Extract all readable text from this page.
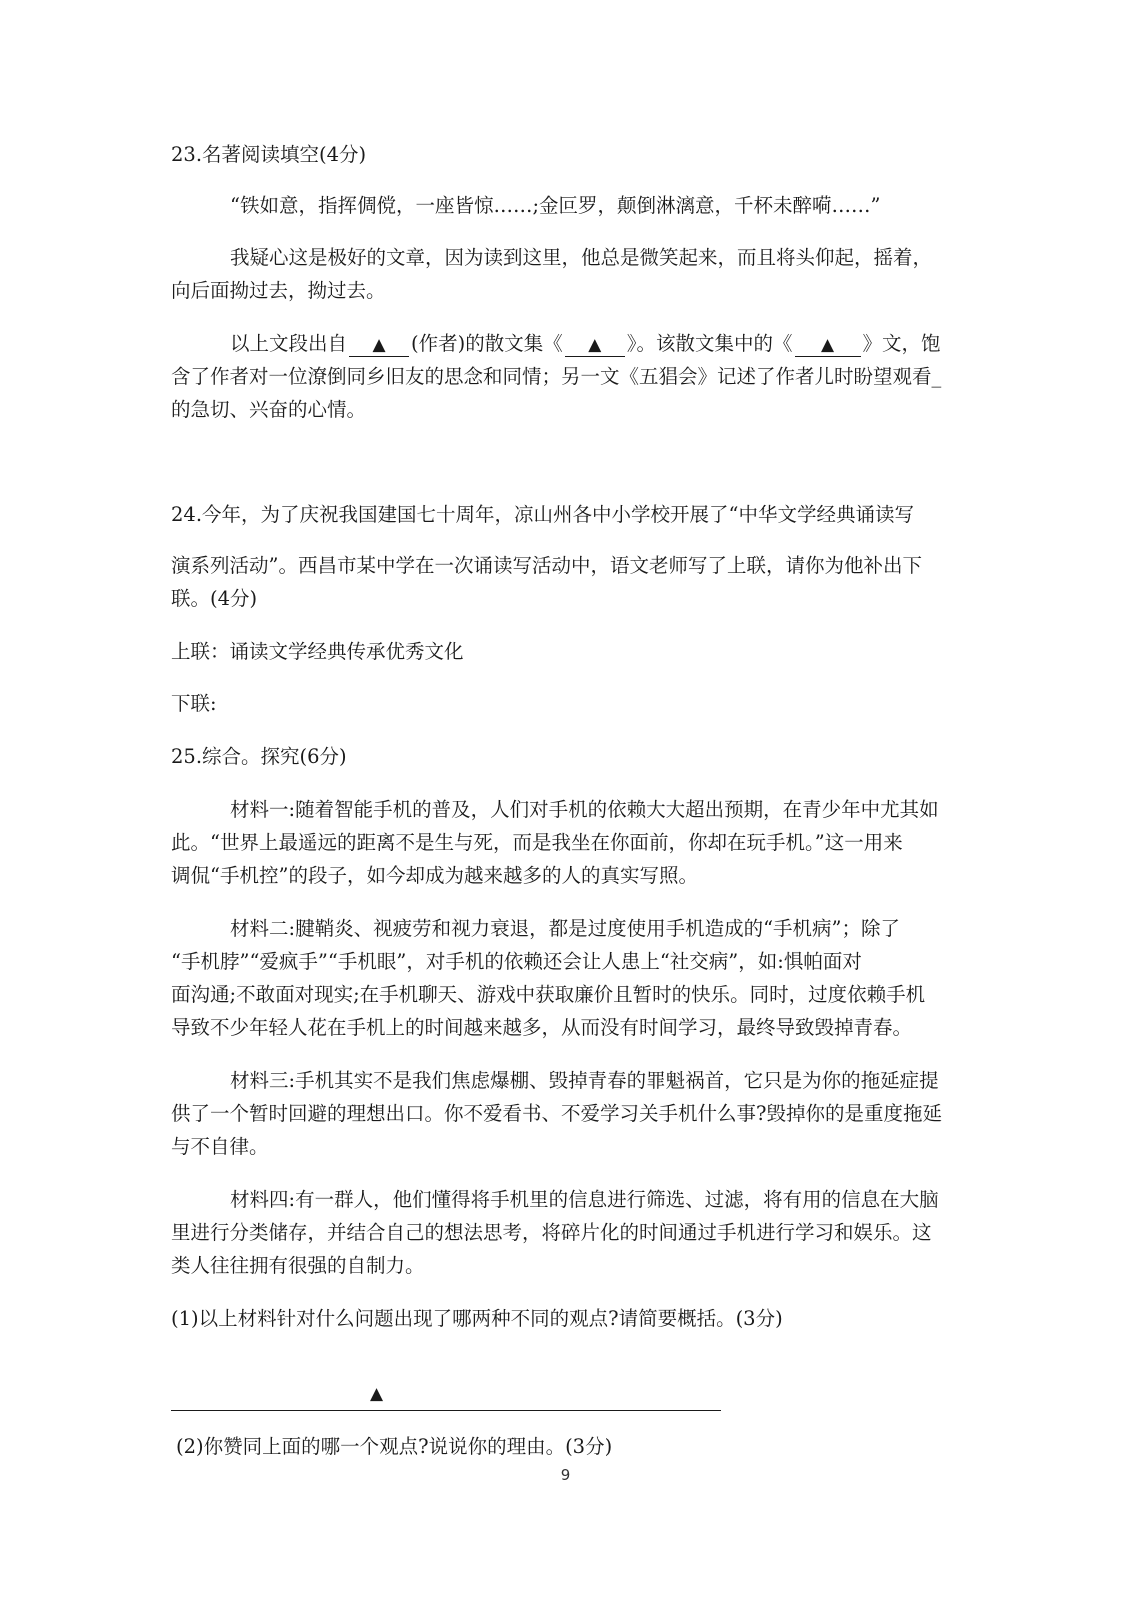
23.名著阅读填空(4分)
“铁如意，指挥倜傥，一座皆惊……;金叵罗，颠倒淋漓意，千杯未醉嗬……”
我疑心这是极好的文章，因为读到这里，他总是微笑起来，而且将头仰起，摇着，
向后面拗过去，拗过去。
以上文段出自 ▲ (作者)的散文集《 ▲ 》。该散文集中的《 ▲ 》文，饱
含了作者对一位潦倒同乡旧友的思念和同情；另一文《五猖会》记述了作者儿时盼望观看_
的急切、兴奋的心情。
24.今年，为了庆祝我国建国七十周年，凉山州各中小学校开展了“中华文学经典诵读写
演系列活动”。西昌市某中学在一次诵读写活动中，语文老师写了上联，请你为他补出下
联。(4分)
上联：诵读文学经典传承优秀文化
下联:
25.综合。探究(6分)
材料一:随着智能手机的普及，人们对手机的依赖大大超出预期，在青少年中尤其如
此。“世界上最遥远的距离不是生与死，而是我坐在你面前，你却在玩手机。”这一用来
调侃“手机控”的段子，如今却成为越来越多的人的真实写照。
材料二:腱鞘炎、视疲劳和视力衰退，都是过度使用手机造成的“手机病”；除了
“手机脖”“爱疯手”“手机眼”，对手机的依赖还会让人患上“社交病”，如:惧帕面对
面沟通;不敢面对现实;在手机聊天、游戏中获取廉价且暂时的快乐。同时，过度依赖手机
导致不少年轻人花在手机上的时间越来越多，从而没有时间学习，最终导致毁掉青春。
材料三:手机其实不是我们焦虑爆棚、毁掉青春的罪魁祸首，它只是为你的拖延症提
供了一个暂时回避的理想出口。你不爱看书、不爱学习关手机什么事?毁掉你的是重度拖延
与不自律。
材料四:有一群人，他们懂得将手机里的信息进行筛选、过滤，将有用的信息在大脑
里进行分类储存，并结合自己的想法思考，将碎片化的时间通过手机进行学习和娱乐。这
类人往往拥有很强的自制力。
(1)以上材料针对什么问题出现了哪两种不同的观点?请简要概括。(3分)
▲
(2)你赞同上面的哪一个观点?说说你的理由。(3分)
9
